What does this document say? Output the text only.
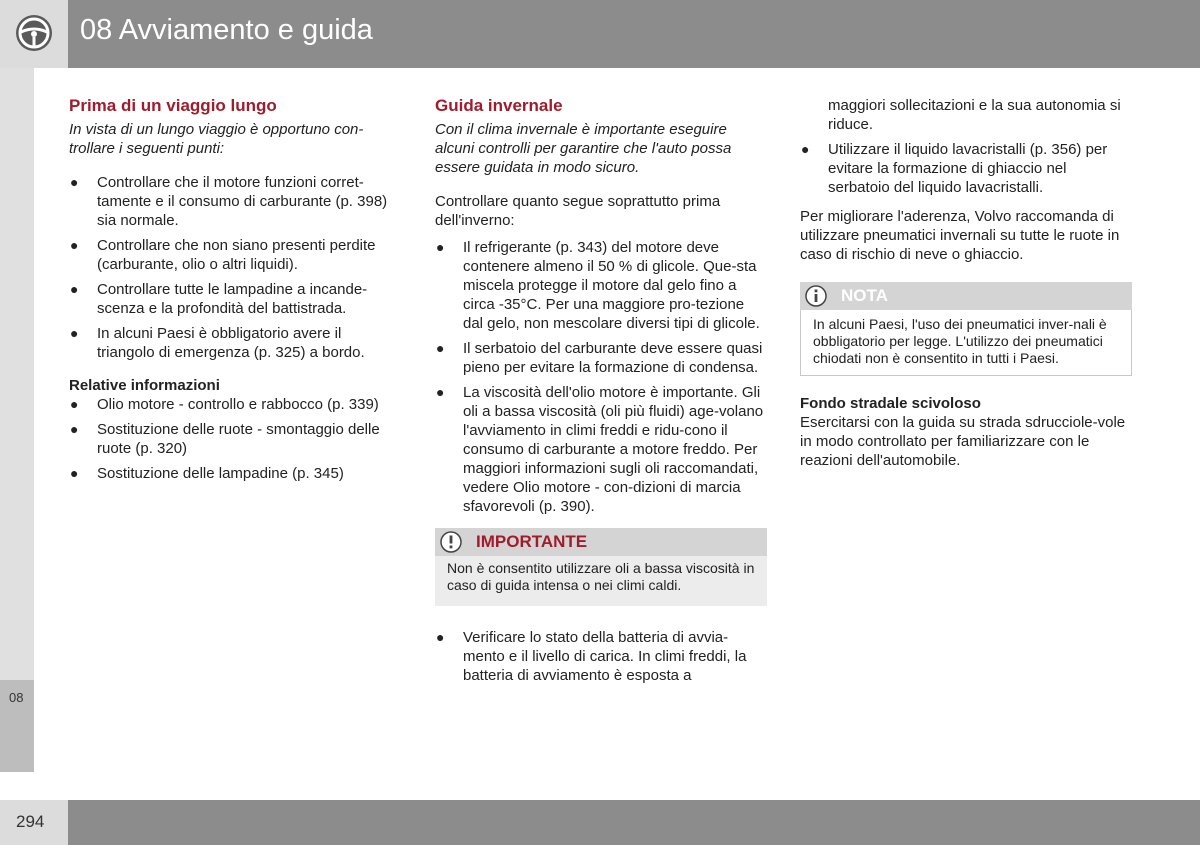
08 Avviamento e guida
08
294
Prima di un viaggio lungo

In vista di un lungo viaggio è opportuno con-trollare i seguenti punti:

● Controllare che il motore funzioni corret-tamente e il consumo di carburante (p. 398) sia normale.
● Controllare che non siano presenti perdite (carburante, olio o altri liquidi).
● Controllare tutte le lampadine a incande-scenza e la profondità del battistrada.
● In alcuni Paesi è obbligatorio avere il triangolo di emergenza (p. 325) a bordo.
Relative informazioni
● Olio motore - controllo e rabbocco (p. 339)
● Sostituzione delle ruote - smontaggio delle ruote (p. 320)
● Sostituzione delle lampadine (p. 345)
Guida invernale

Con il clima invernale è importante eseguire alcuni controlli per garantire che l'auto possa essere guidata in modo sicuro.

Controllare quanto segue soprattutto prima dell'inverno:

● Il refrigerante (p. 343) del motore deve contenere almeno il 50 % di glicole. Que-sta miscela protegge il motore dal gelo fino a circa -35°C. Per una maggiore pro-tezione dal gelo, non mescolare diversi tipi di glicole.
● Il serbatoio del carburante deve essere quasi pieno per evitare la formazione di condensa.
● La viscosità dell'olio motore è importante. Gli oli a bassa viscosità (oli più fluidi) age-volano l'avviamento in climi freddi e ridu-cono il consumo di carburante a motore freddo. Per maggiori informazioni sugli oli raccomandati, vedere Olio motore - con-dizioni di marcia sfavorevoli (p. 390).
IMPORTANTE
Non è consentito utilizzare oli a bassa viscosità in caso di guida intensa o nei climi caldi.
● Verificare lo stato della batteria di avvia-mento e il livello di carica. In climi freddi, la batteria di avviamento è esposta a

maggiori sollecitazioni e la sua autonomia si riduce.

● Utilizzare il liquido lavacristalli (p. 356) per evitare la formazione di ghiaccio nel serbatoio del liquido lavacristalli.

Per migliorare l'aderenza, Volvo raccomanda di utilizzare pneumatici invernali su tutte le ruote in caso di rischio di neve o ghiaccio.

NOTA
In alcuni Paesi, l'uso dei pneumatici inver-nali è obbligatorio per legge. L'utilizzo dei pneumatici chiodati non è consentito in tutti i Paesi.
Fondo stradale scivoloso

Esercitarsi con la guida su strada sdrucciole-vole in modo controllato per familiarizzare con le reazioni dell'automobile.
